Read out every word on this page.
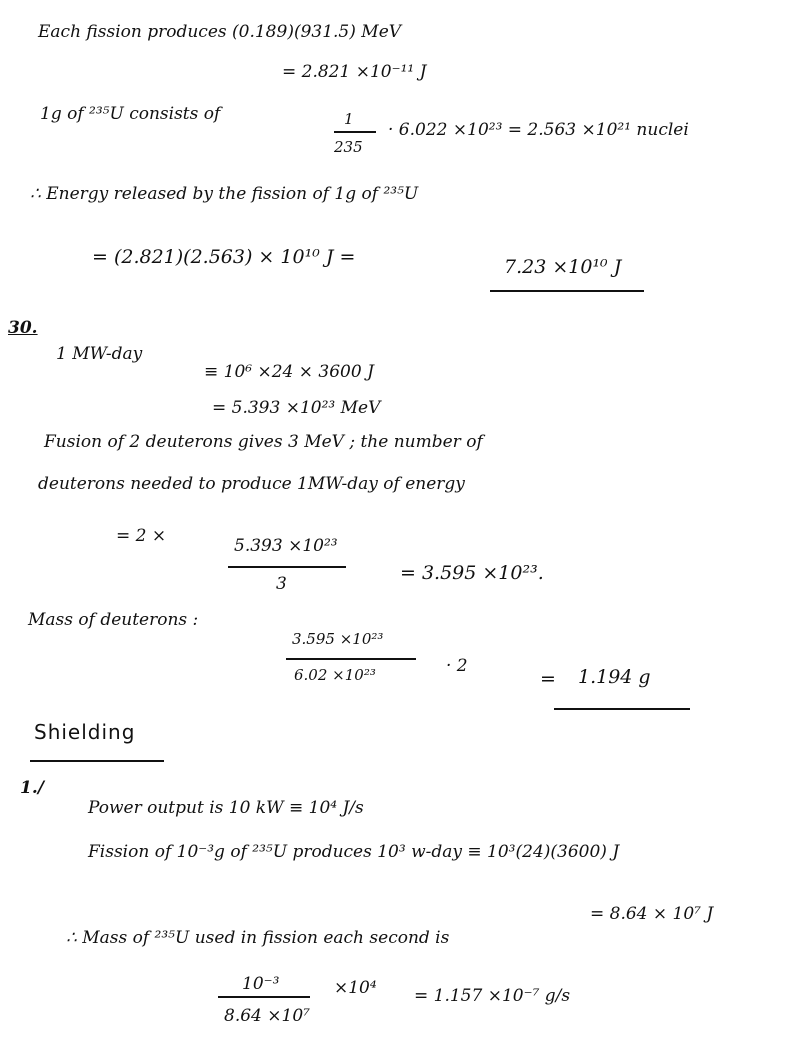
Each fission produces (0.189)(931.5) MeV
= 2.821 ×10⁻¹¹ J
1g of ²³⁵U consists of	1
235
· 6.022 ×10²³ = 2.563 ×10²¹ nuclei
∴ Energy released by the fission of 1g of ²³⁵U
= (2.821)(2.563) × 10¹⁰ J =	7.23 ×10¹⁰ J
30.
1 MW-day
≡ 10⁶ ×24 × 3600 J
= 5.393 ×10²³ MeV
Fusion of 2 deuterons gives 3 MeV ; the number of
deuterons needed to produce 1MW-day of energy
= 2 ×	5.393 ×10²³
3	= 3.595 ×10²³.
Mass of deuterons :
3.595 ×10²³
6.02 ×10²³	· 2
= 1.194 g
Shielding
1./
Power output is 10 kW ≡ 10⁴ J/s
Fission of 10⁻³g of ²³⁵U produces 10³ w-day ≡ 10³(24)(3600) J
= 8.64 × 10⁷ J
∴ Mass of ²³⁵U used in fission each second is
10⁻³
8.64 ×10⁷
×10⁴ = 1.157 ×10⁻⁷ g/s
